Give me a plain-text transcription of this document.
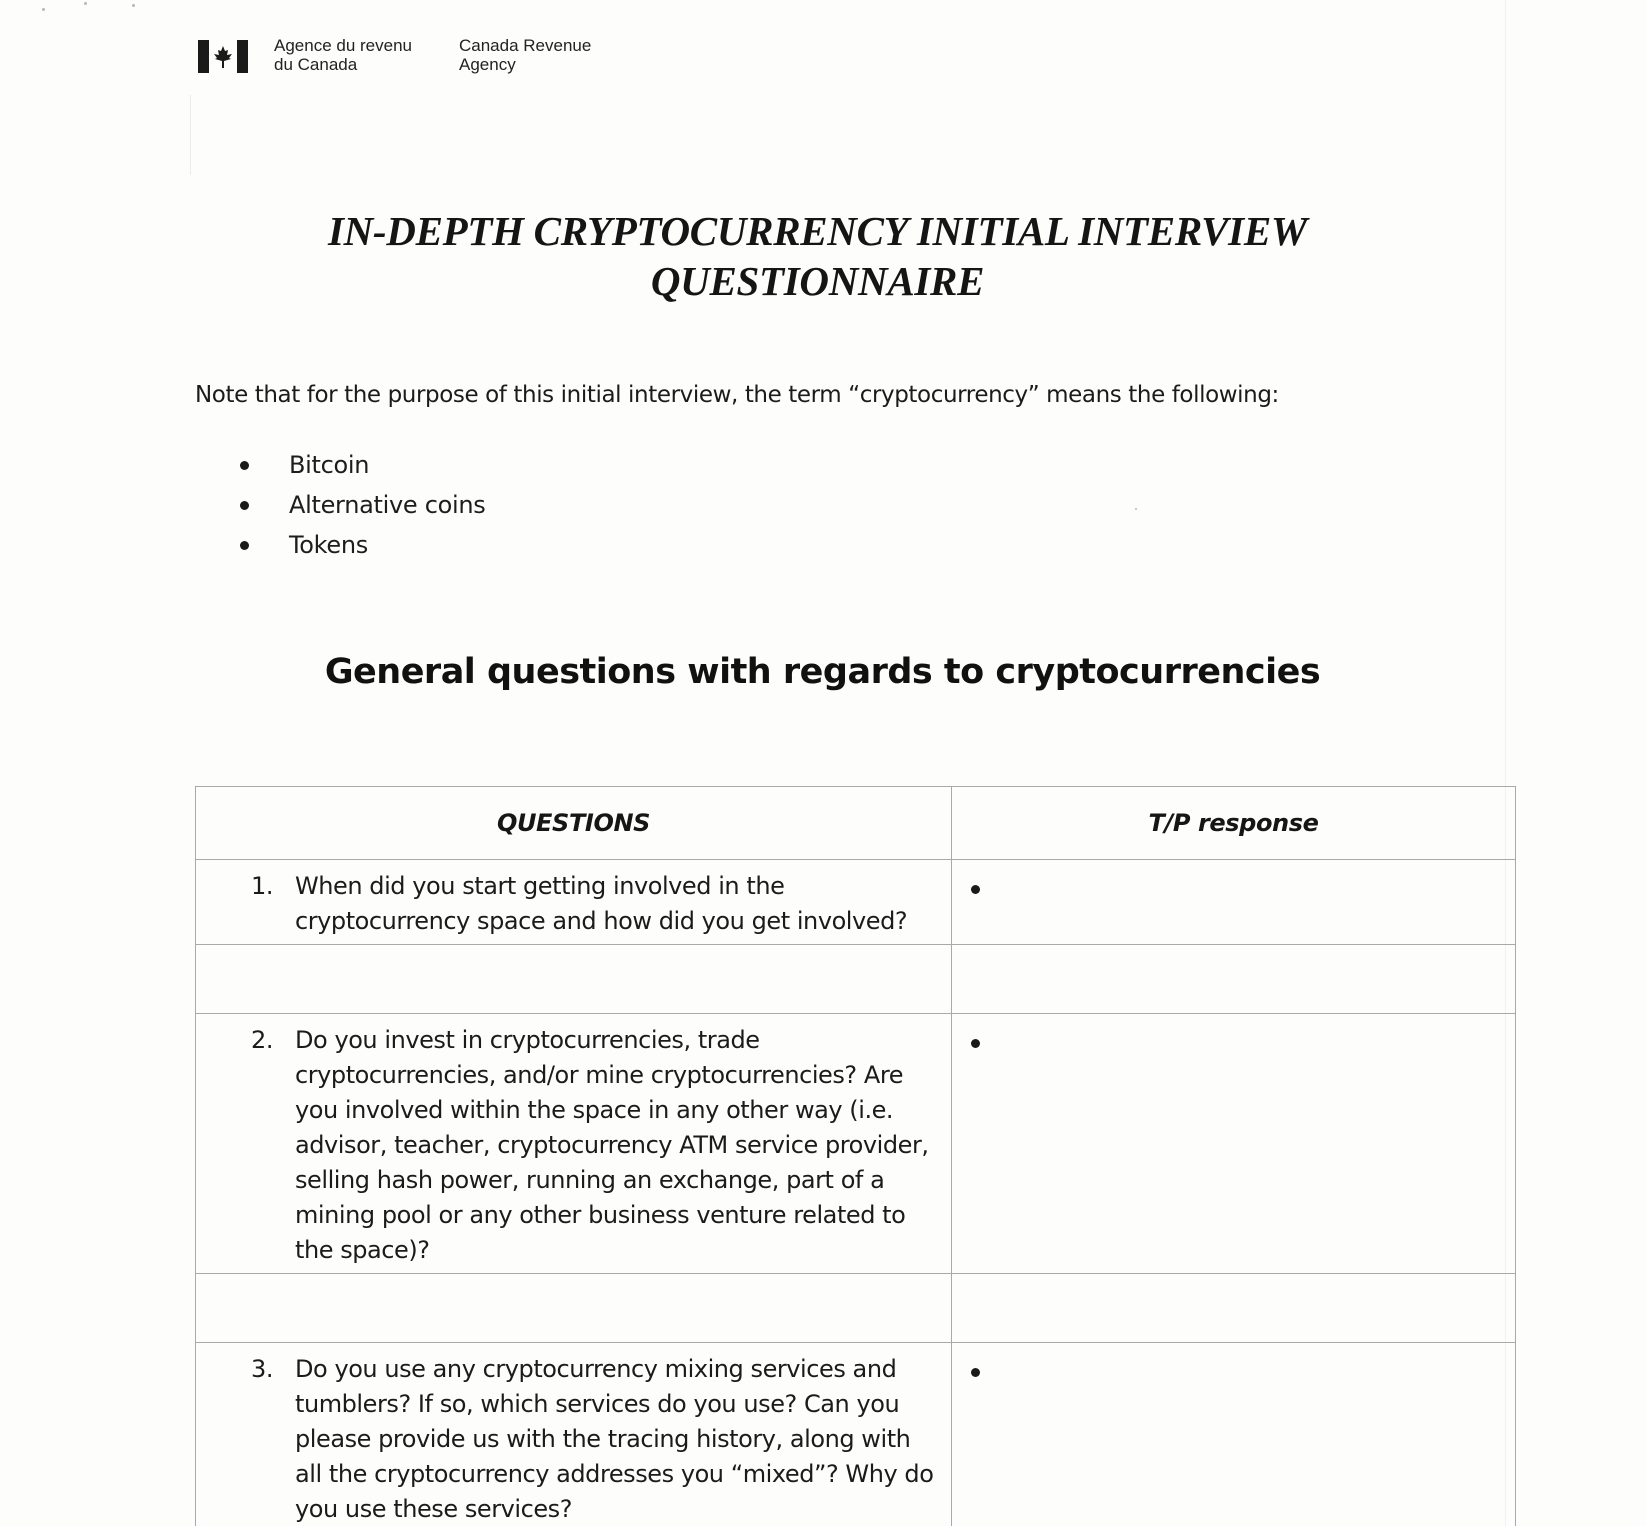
Agence du revenu
du Canada
Canada Revenue
Agency
IN-DEPTH CRYPTOCURRENCY INITIAL INTERVIEW
QUESTIONNAIRE
Note that for the purpose of this initial interview, the term “cryptocurrency” means the following:
Bitcoin
Alternative coins
Tokens
General questions with regards to cryptocurrencies
QUESTIONS	T/P response

1. When did you start getting involved in the cryptocurrency space and how did you get involved?	

2. Do you invest in cryptocurrencies, trade cryptocurrencies, and/or mine cryptocurrencies? Are you involved within the space in any other way (i.e. advisor, teacher, cryptocurrency ATM service provider, selling hash power, running an exchange, part of a mining pool or any other business venture related to the space)?	

3. Do you use any cryptocurrency mixing services and tumblers? If so, which services do you use? Can you please provide us with the tracing history, along with all the cryptocurrency addresses you “mixed”? Why do you use these services?	
